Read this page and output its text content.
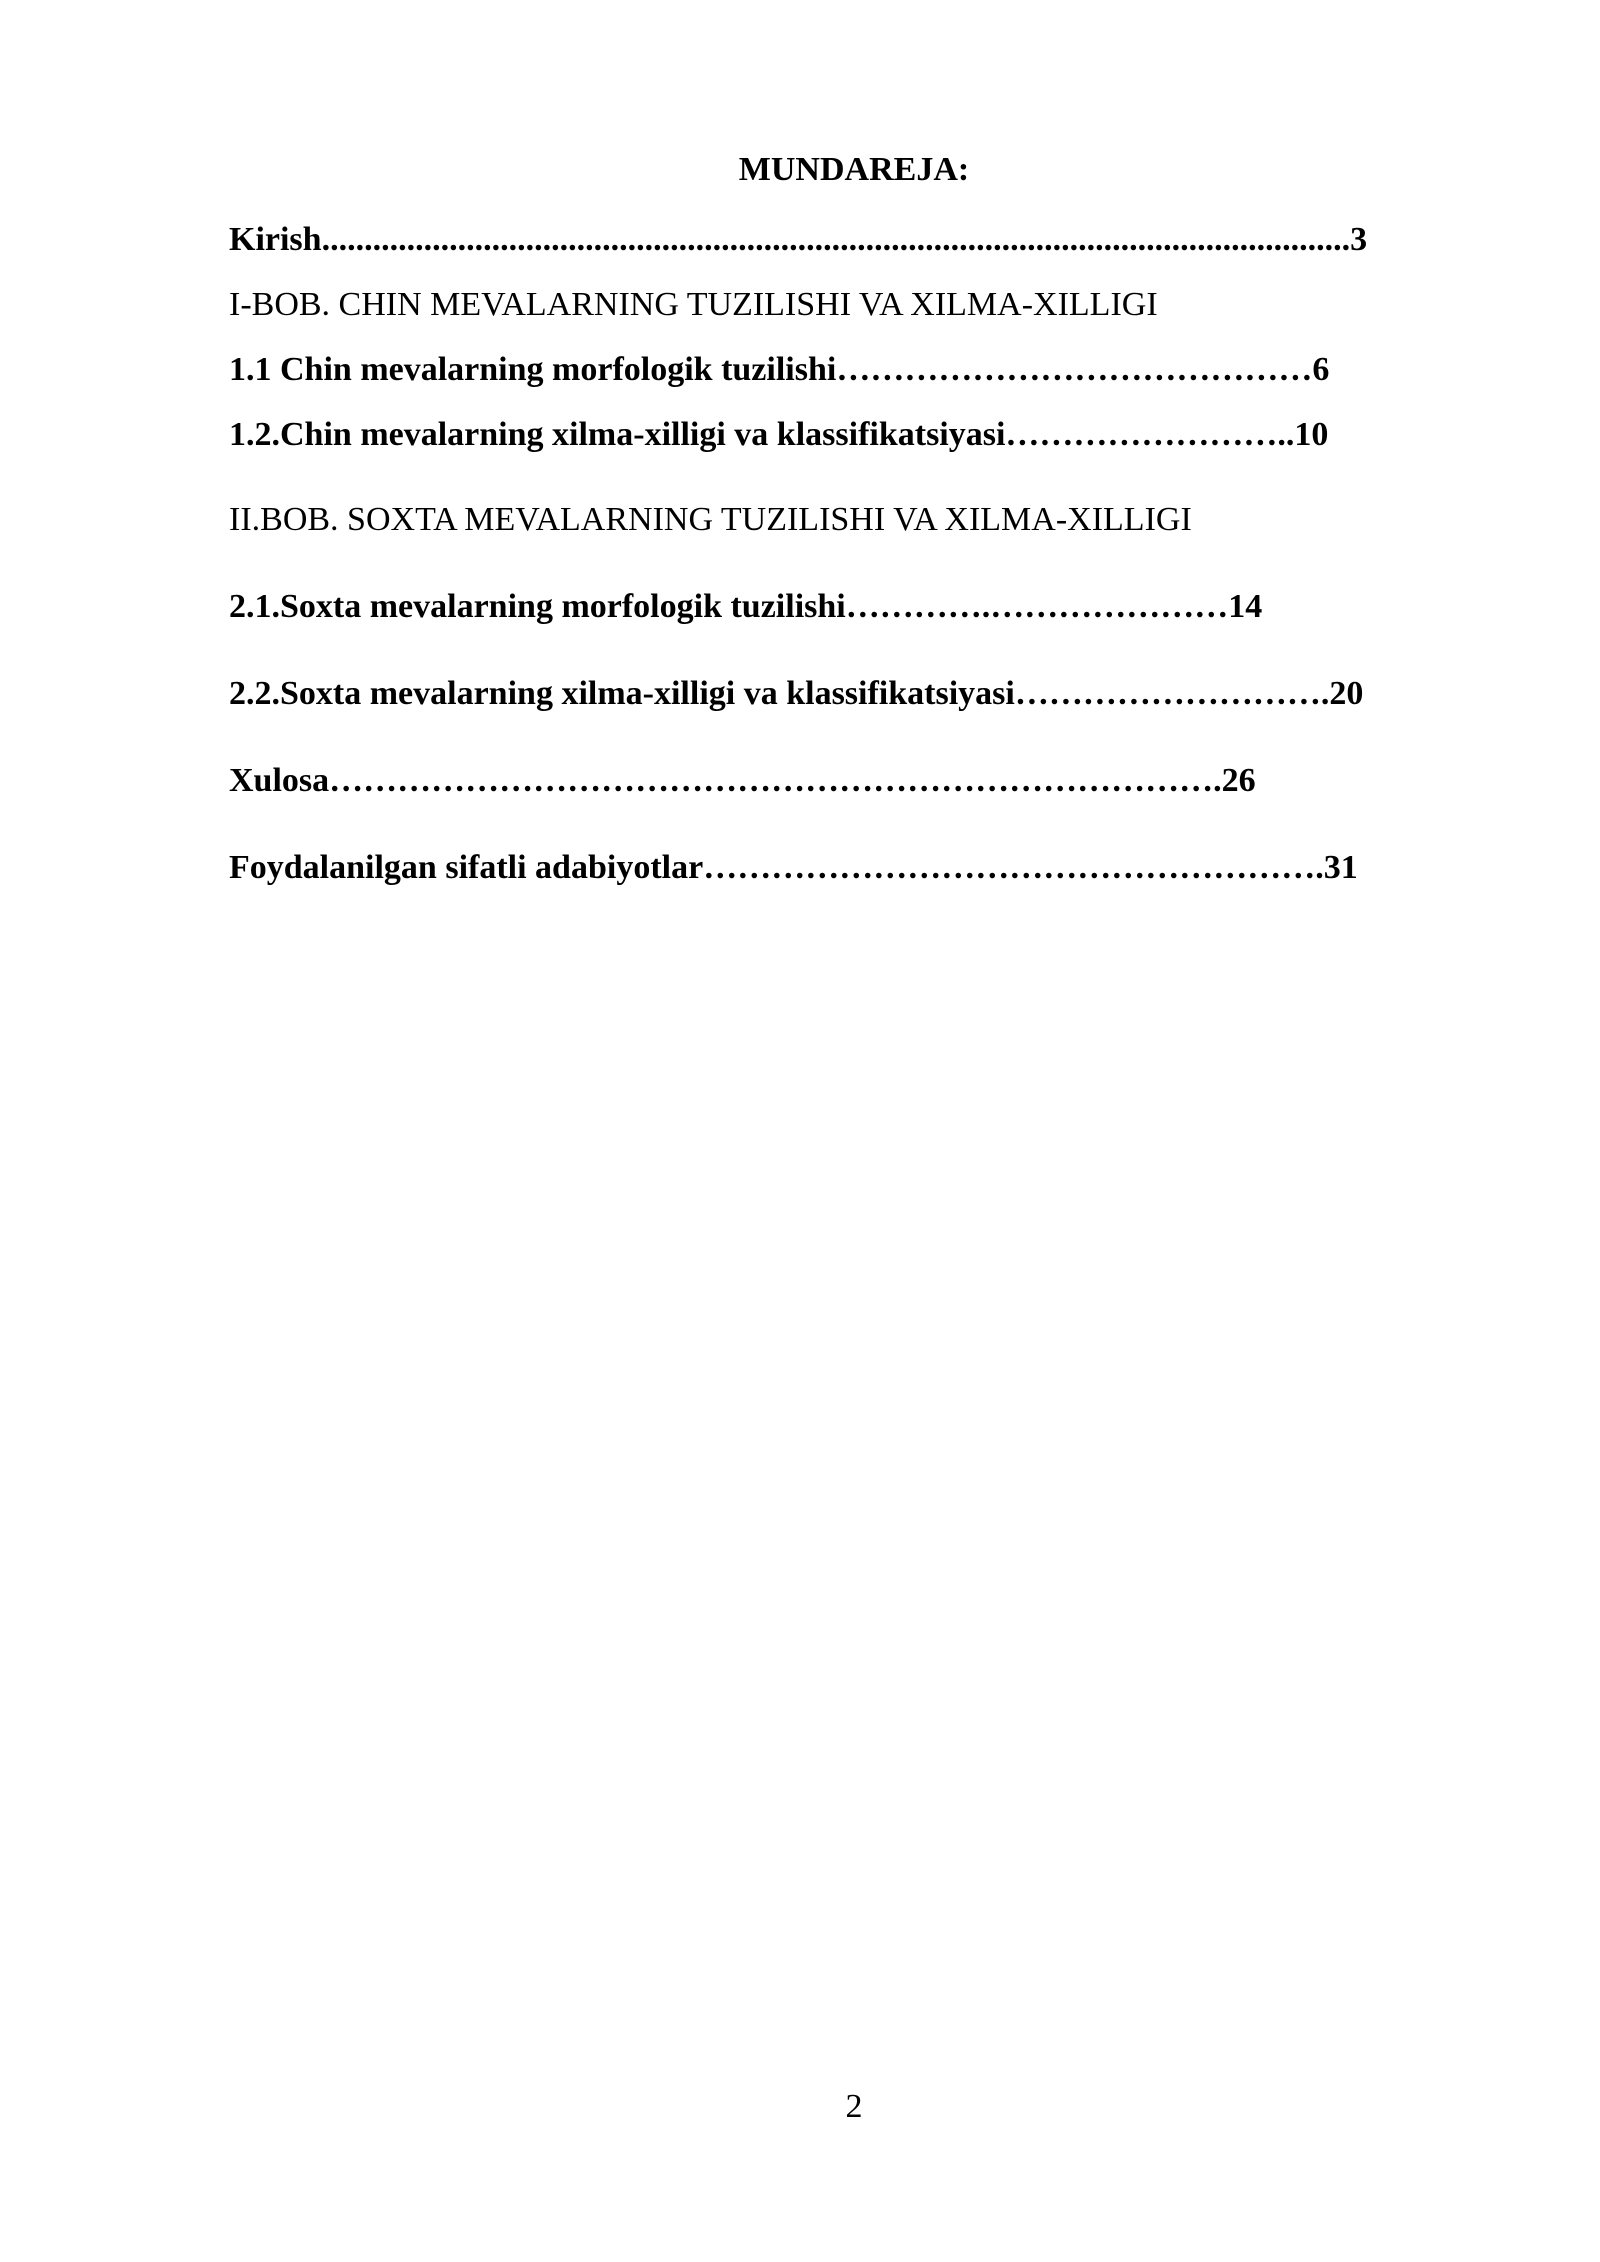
MUNDAREJA:
Kirish.........................................................................................................................3
I-BOB. CHIN MEVALARNING TUZILISHI VA XILMA-XILLIGI
1.1 Chin mevalarning morfologik tuzilishi……………………………………6
1.2.Chin mevalarning xilma-xilligi va klassifikatsiyasi……………………..10
II.BOB. SOXTA MEVALARNING TUZILISHI VA XILMA-XILLIGI
2.1.Soxta mevalarning morfologik tuzilishi………….…………………14
2.2.Soxta mevalarning xilma-xilligi va klassifikatsiyasi……………………….20
Xulosa…………………………………………………………………….26
Foydalanilgan sifatli adabiyotlar……………………………………………….31
2
